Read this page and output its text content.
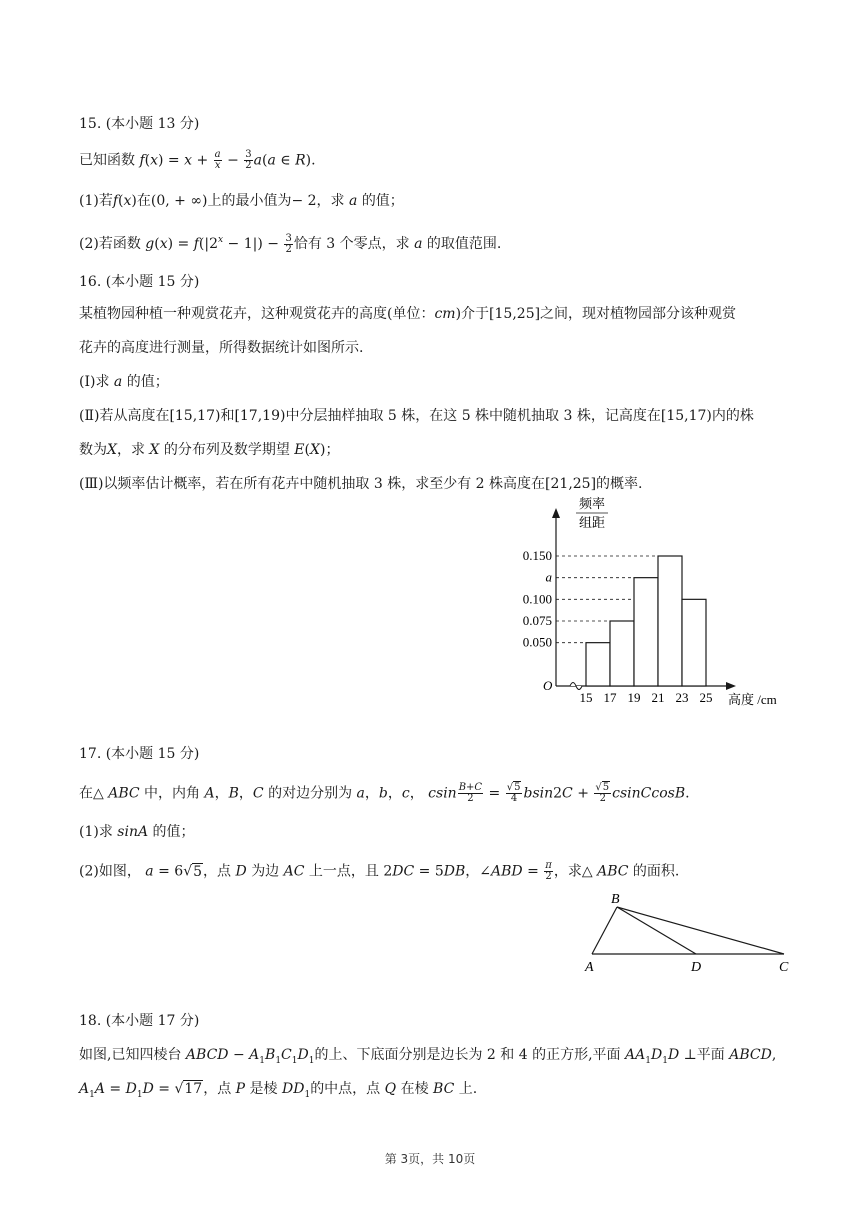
15. (本小题 13 分)
已知函数 $f(x) = x + \frac{a}{x} - \frac{3}{2} a(a$ ∈ R).
(1)若f(x)在(0, + ∞)上的最小值为− 2，求 a 的值；
(2)若函数 $g(x) = f(|2^x - 1|) - \frac{3}{2}$ 恰有 3 个零点，求 a 的取值范围.
16. (本小题 15 分)
某植物园种植一种观赏花卉，这种观赏花卉的高度(单位：cm)介于[15,25]之间，现对植物园部分该种观赏
花卉的高度进行测量，所得数据统计如图所示.
(Ⅰ)求 a 的值；
(Ⅱ)若从高度在[15,17)和[17,19)中分层抽样抽取 5 株，在这 5 株中随机抽取 3 株，记高度在[15,17)内的株
数为X，求 X 的分布列及数学期望 E(X)；
(Ⅲ)以频率估计概率，若在所有花卉中随机抽取 3 株，求至少有 2 株高度在[21,25]的概率.
频率
组距
O
高度 /cm
0.150
a
0.100
0.075
0.050
15 17 19 21 23 25
17. (本小题 15 分)
在△ ABC 中，内角 A，B，C 的对边分别为 a，b，c， csin $\frac{B+C}{2} = \frac{√5}{4} bsin2C + \frac{√5}{2}$ csinCcosB.
(1)求 sinA 的值；
(2)如图， a = 6√5，点 D 为边 AC 上一点，且 2DC = 5DB，∠ABD = $\frac{\pi}{2}$ ，求△ ABC 的面积.
B
A	D	C
18. (本小题 17 分)
如图,已知四棱台 ABCD − $A_1B_1C_1D_1$的上、下底面分别是边长为 2 和 4 的正方形,平面 $AA_1D_1D$ ⊥平面 ABCD,
$A_1A = D_1D = √17$，点 P 是棱 $DD_1$的中点，点 Q 在棱 BC 上.
第 3页，共 10页
